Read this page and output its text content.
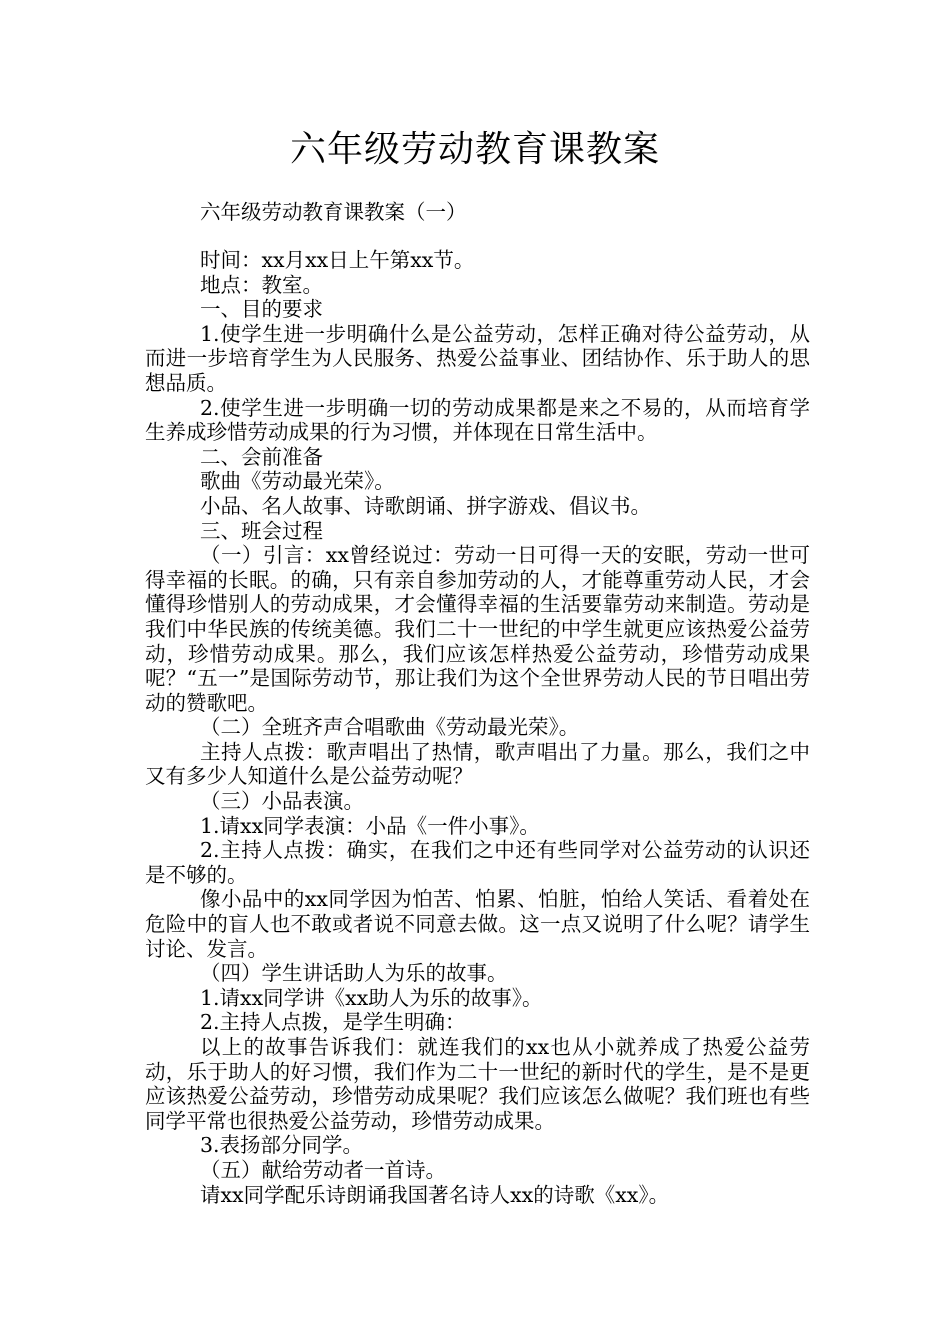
六年级劳动教育课教案
六年级劳动教育课教案（一）

时间：xx月xx日上午第xx节。

地点：教室。

一、目的要求

1.使学生进一步明确什么是公益劳动，怎样正确对待公益劳动，从而进一步培育学生为人民服务、热爱公益事业、团结协作、乐于助人的思想品质。

2.使学生进一步明确一切的劳动成果都是来之不易的，从而培育学生养成珍惜劳动成果的行为习惯，并体现在日常生活中。

二、会前准备

歌曲《劳动最光荣》。

小品、名人故事、诗歌朗诵、拼字游戏、倡议书。

三、班会过程

（一）引言：xx曾经说过：劳动一日可得一天的安眠，劳动一世可得幸福的长眠。的确，只有亲自参加劳动的人，才能尊重劳动人民，才会懂得珍惜别人的劳动成果，才会懂得幸福的生活要靠劳动来制造。劳动是我们中华民族的传统美德。我们二十一世纪的中学生就更应该热爱公益劳动，珍惜劳动成果。那么，我们应该怎样热爱公益劳动，珍惜劳动成果呢？“五一”是国际劳动节，那让我们为这个全世界劳动人民的节日唱出劳动的赞歌吧。

（二）全班齐声合唱歌曲《劳动最光荣》。

主持人点拨：歌声唱出了热情，歌声唱出了力量。那么，我们之中又有多少人知道什么是公益劳动呢？

（三）小品表演。

1.请xx同学表演：小品《一件小事》。

2.主持人点拨：确实，在我们之中还有些同学对公益劳动的认识还是不够的。

像小品中的xx同学因为怕苦、怕累、怕脏，怕给人笑话、看着处在危险中的盲人也不敢或者说不同意去做。这一点又说明了什么呢？请学生讨论、发言。

（四）学生讲话助人为乐的故事。

1.请xx同学讲《xx助人为乐的故事》。

2.主持人点拨，是学生明确：

以上的故事告诉我们：就连我们的xx也从小就养成了热爱公益劳动，乐于助人的好习惯，我们作为二十一世纪的新时代的学生，是不是更应该热爱公益劳动，珍惜劳动成果呢？我们应该怎么做呢？我们班也有些同学平常也很热爱公益劳动，珍惜劳动成果。

3.表扬部分同学。

（五）献给劳动者一首诗。

请xx同学配乐诗朗诵我国著名诗人xx的诗歌《xx》。
